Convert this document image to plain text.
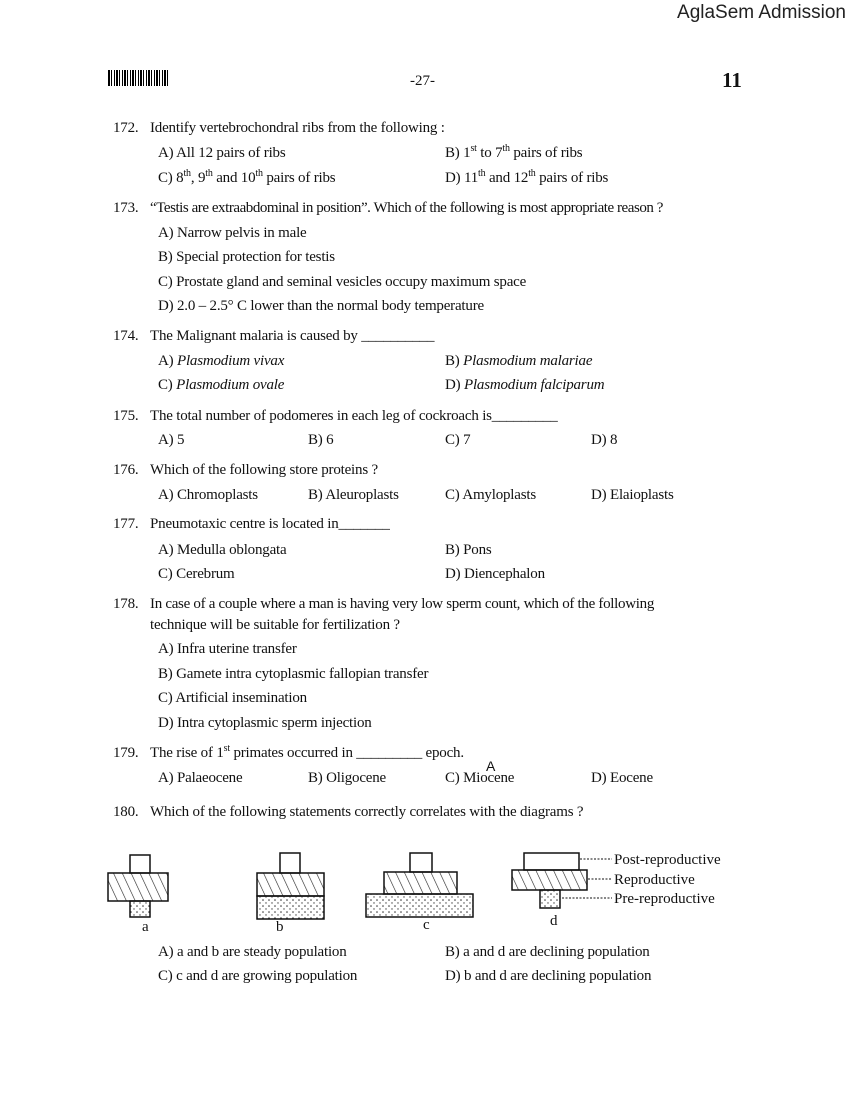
AglaSem Admission
-27-	11
172. Identify vertebrochondral ribs from the following :
A) All 12 pairs of ribs	B) 1st to 7th pairs of ribs
C) 8th, 9th and 10th pairs of ribs	D) 11th and 12th pairs of ribs
173. “Testis are extraabdominal in position”. Which of the following is most appropriate reason ?
A) Narrow pelvis in male
B) Special protection for testis
C) Prostate gland and seminal vesicles occupy maximum space
D) 2.0 – 2.5° C lower than the normal body temperature
174. The Malignant malaria is caused by __________
A) Plasmodium vivax	B) Plasmodium malariae
C) Plasmodium ovale	D) Plasmodium falciparum
175. The total number of podomeres in each leg of cockroach is_________
A) 5	B) 6	C) 7	D) 8
176. Which of the following store proteins ?
A) Chromoplasts	B) Aleuroplasts	C) Amyloplasts	D) Elaioplasts
177. Pneumotaxic centre is located in_______
A) Medulla oblongata	B) Pons
C) Cerebrum	D) Diencephalon
178. In case of a couple where a man is having very low sperm count, which of the following
technique will be suitable for fertilization ?
A) Infra uterine transfer
B) Gamete intra cytoplasmic fallopian transfer
C) Artificial insemination
D) Intra cytoplasmic sperm injection
179. The rise of 1st primates occurred in _________ epoch.
A
A) Palaeocene	B) Oligocene	C) Miocene	D) Eocene
180. Which of the following statements correctly correlates with the diagrams ?
a	b	c	d
Post-reproductive
Reproductive
Pre-reproductive
A) a and b are steady population	B) a and d are declining population
C) c and d are growing population	D) b and d are declining population
